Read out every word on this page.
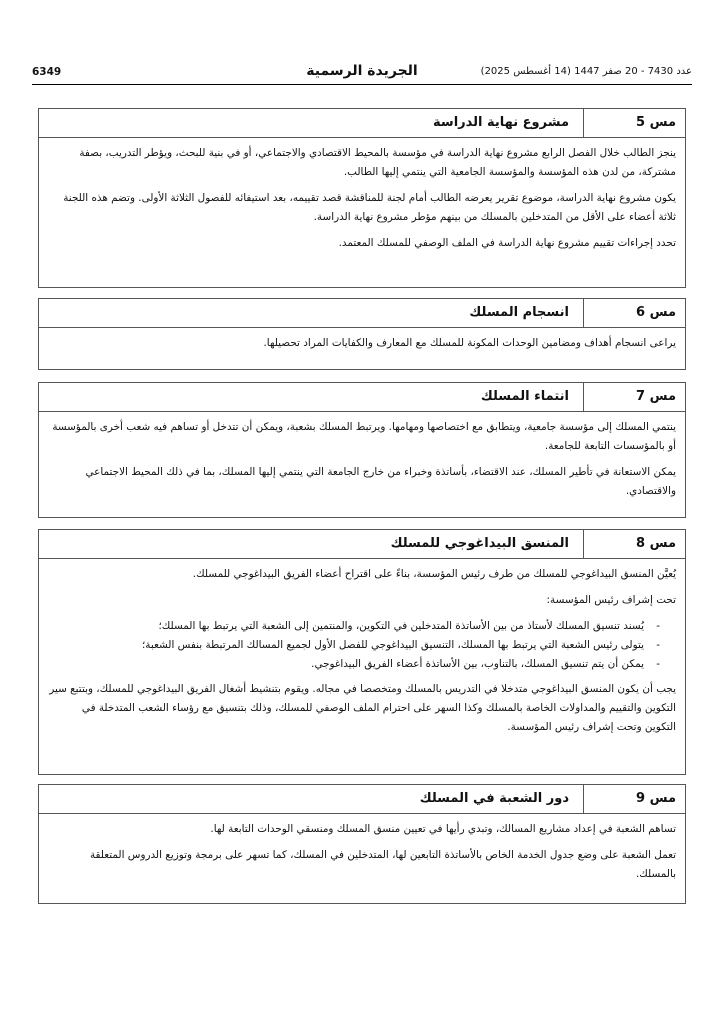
6349	الجريدة الرسمية	عدد 7430 - 20 صفر 1447 (14 أغسطس 2025)
مس 5
مشروع نهاية الدراسة

ينجز الطالب خلال الفصل الرابع مشروع نهاية الدراسة في مؤسسة بالمحيط الاقتصادي والاجتماعي، أو في بنية للبحث، ويؤطر التدريب، بصفة مشتركة، من لدن هذه المؤسسة والمؤسسة الجامعية التي ينتمي إليها الطالب.

يكون مشروع نهاية الدراسة، موضوع تقرير يعرضه الطالب أمام لجنة للمناقشة قصد تقييمه، بعد استيفائه للفصول الثلاثة الأولى. وتضم هذه اللجنة ثلاثة أعضاء على الأقل من المتدخلين بالمسلك من بينهم مؤطر مشروع نهاية الدراسة.

تحدد إجراءات تقييم مشروع نهاية الدراسة في الملف الوصفي للمسلك المعتمد.

مس 6
انسجام المسلك

يراعى انسجام أهداف ومضامين الوحدات المكونة للمسلك مع المعارف والكفايات المراد تحصيلها.

مس 7
انتماء المسلك

ينتمي المسلك إلى مؤسسة جامعية، ويتطابق مع اختصاصها ومهامها. ويرتبط المسلك بشعبة، ويمكن أن تتدخل أو تساهم فيه شعب أخرى بالمؤسسة أو بالمؤسسات التابعة للجامعة.

يمكن الاستعانة في تأطير المسلك، عند الاقتضاء، بأساتذة وخبراء من خارج الجامعة التي ينتمي إليها المسلك، بما في ذلك المحيط الاجتماعي والاقتصادي.

مس 8
المنسق البيداغوجي للمسلك

يُعيَّن المنسق البيداغوجي للمسلك من طرف رئيس المؤسسة، بناءً على اقتراح أعضاء الفريق البيداغوجي للمسلك.

تحت إشراف رئيس المؤسسة:

- يُسند تنسيق المسلك لأستاذ من بين الأساتذة المتدخلين في التكوين، والمنتمين إلى الشعبة التي يرتبط بها المسلك؛
- يتولى رئيس الشعبة التي يرتبط بها المسلك، التنسيق البيداغوجي للفصل الأول لجميع المسالك المرتبطة بنفس الشعبة؛
- يمكن أن يتم تنسيق المسلك، بالتناوب، بين الأساتذة أعضاء الفريق البيداغوجي.

يجب أن يكون المنسق البيداغوجي متدخلا في التدريس بالمسلك ومتخصصا في مجاله. ويقوم بتنشيط أشغال الفريق البيداغوجي للمسلك، وبتتبع سير التكوين والتقييم والمداولات الخاصة بالمسلك وكذا السهر على احترام الملف الوصفي للمسلك، وذلك بتنسيق مع رؤساء الشعب المتدخلة في التكوين وتحت إشراف رئيس المؤسسة.

مس 9
دور الشعبة في المسلك

تساهم الشعبة في إعداد مشاريع المسالك، وتبدي رأيها في تعيين منسق المسلك ومنسقي الوحدات التابعة لها.

تعمل الشعبة على وضع جدول الخدمة الخاص بالأساتذة التابعين لها، المتدخلين في المسلك، كما تسهر على برمجة وتوزيع الدروس المتعلقة بالمسلك.
